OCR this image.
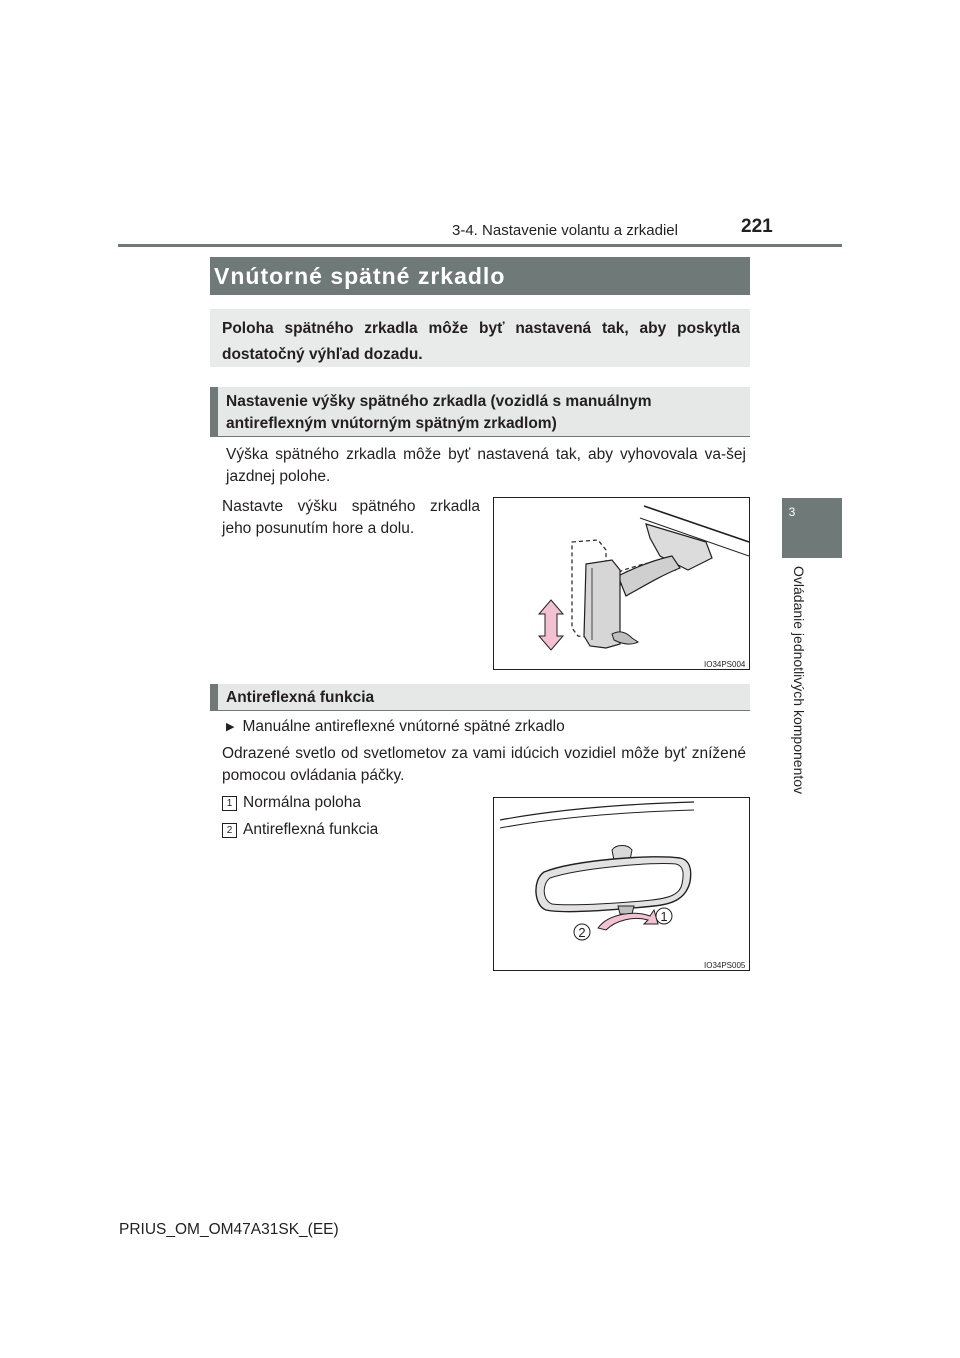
3-4. Nastavenie volantu a zrkadiel	221
3
Ovládanie jednotlivých komponentov
Vnútorné spätné zrkadlo
Poloha spätného zrkadla môže byť nastavená tak, aby poskytla dostatočný výhľad dozadu.
Nastavenie výšky spätného zrkadla (vozidlá s manuálnym antireflexným vnútorným spätným zrkadlom)
Výška spätného zrkadla môže byť nastavená tak, aby vyhovovala va-šej jazdnej polohe.
Nastavte výšku spätného zrkadla jeho posunutím hore a dolu.
IO34PS004
Antireflexná funkcia
▶ Manuálne antireflexné vnútorné spätné zrkadlo
Odrazené svetlo od svetlometov za vami idúcich vozidiel môže byť znížené pomocou ovládania páčky.
1 Normálna poloha
2 Antireflexná funkcia
2
1
IO34PS005
PRIUS_OM_OM47A31SK_(EE)
